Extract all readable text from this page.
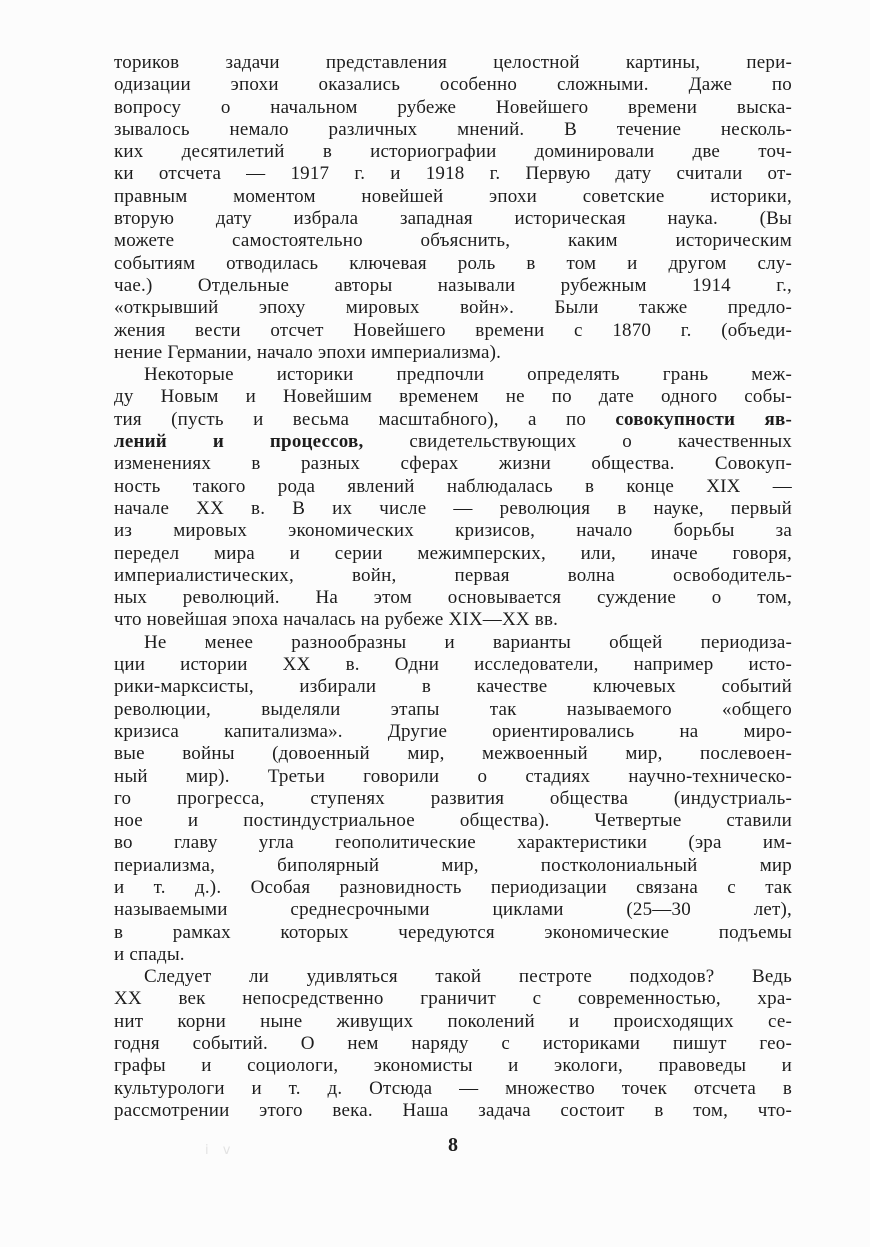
ториков задачи представления целостной картины, пери-
одизации эпохи оказались особенно сложными. Даже по
вопросу о начальном рубеже Новейшего времени выска-
зывалось немало различных мнений. В течение несколь-
ких десятилетий в историографии доминировали две точ-
ки отсчета — 1917 г. и 1918 г. Первую дату считали от-
правным моментом новейшей эпохи советские историки,
вторую дату избрала западная историческая наука. (Вы
можете самостоятельно объяснить, каким историческим
событиям отводилась ключевая роль в том и другом слу-
чае.) Отдельные авторы называли рубежным 1914 г.,
«открывший эпоху мировых войн». Были также предло-
жения вести отсчет Новейшего времени с 1870 г. (объеди-
нение Германии, начало эпохи империализма).
Некоторые историки предпочли определять грань меж-
ду Новым и Новейшим временем не по дате одного собы-
тия (пусть и весьма масштабного), а по совокупности яв-
лений и процессов, свидетельствующих о качественных
изменениях в разных сферах жизни общества. Совокуп-
ность такого рода явлений наблюдалась в конце XIX —
начале XX в. В их числе — революция в науке, первый
из мировых экономических кризисов, начало борьбы за
передел мира и серии межимперских, или, иначе говоря,
империалистических, войн, первая волна освободитель-
ных революций. На этом основывается суждение о том,
что новейшая эпоха началась на рубеже XIX—XX вв.
Не менее разнообразны и варианты общей периодиза-
ции истории XX в. Одни исследователи, например исто-
рики-марксисты, избирали в качестве ключевых событий
революции, выделяли этапы так называемого «общего
кризиса капитализма». Другие ориентировались на миро-
вые войны (довоенный мир, межвоенный мир, послевоен-
ный мир). Третьи говорили о стадиях научно-техническо-
го прогресса, ступенях развития общества (индустриаль-
ное и постиндустриальное общества). Четвертые ставили
во главу угла геополитические характеристики (эра им-
периализма, биполярный мир, постколониальный мир
и т. д.). Особая разновидность периодизации связана с так
называемыми среднесрочными циклами (25—30 лет),
в рамках которых чередуются экономические подъемы
и спады.
Следует ли удивляться такой пестроте подходов? Ведь
XX век непосредственно граничит с современностью, хра-
нит корни ныне живущих поколений и происходящих се-
годня событий. О нем наряду с историками пишут гео-
графы и социологи, экономисты и экологи, правоведы и
культурологи и т. д. Отсюда — множество точек отсчета в
рассмотрении этого века. Наша задача состоит в том, что-
i v	8
